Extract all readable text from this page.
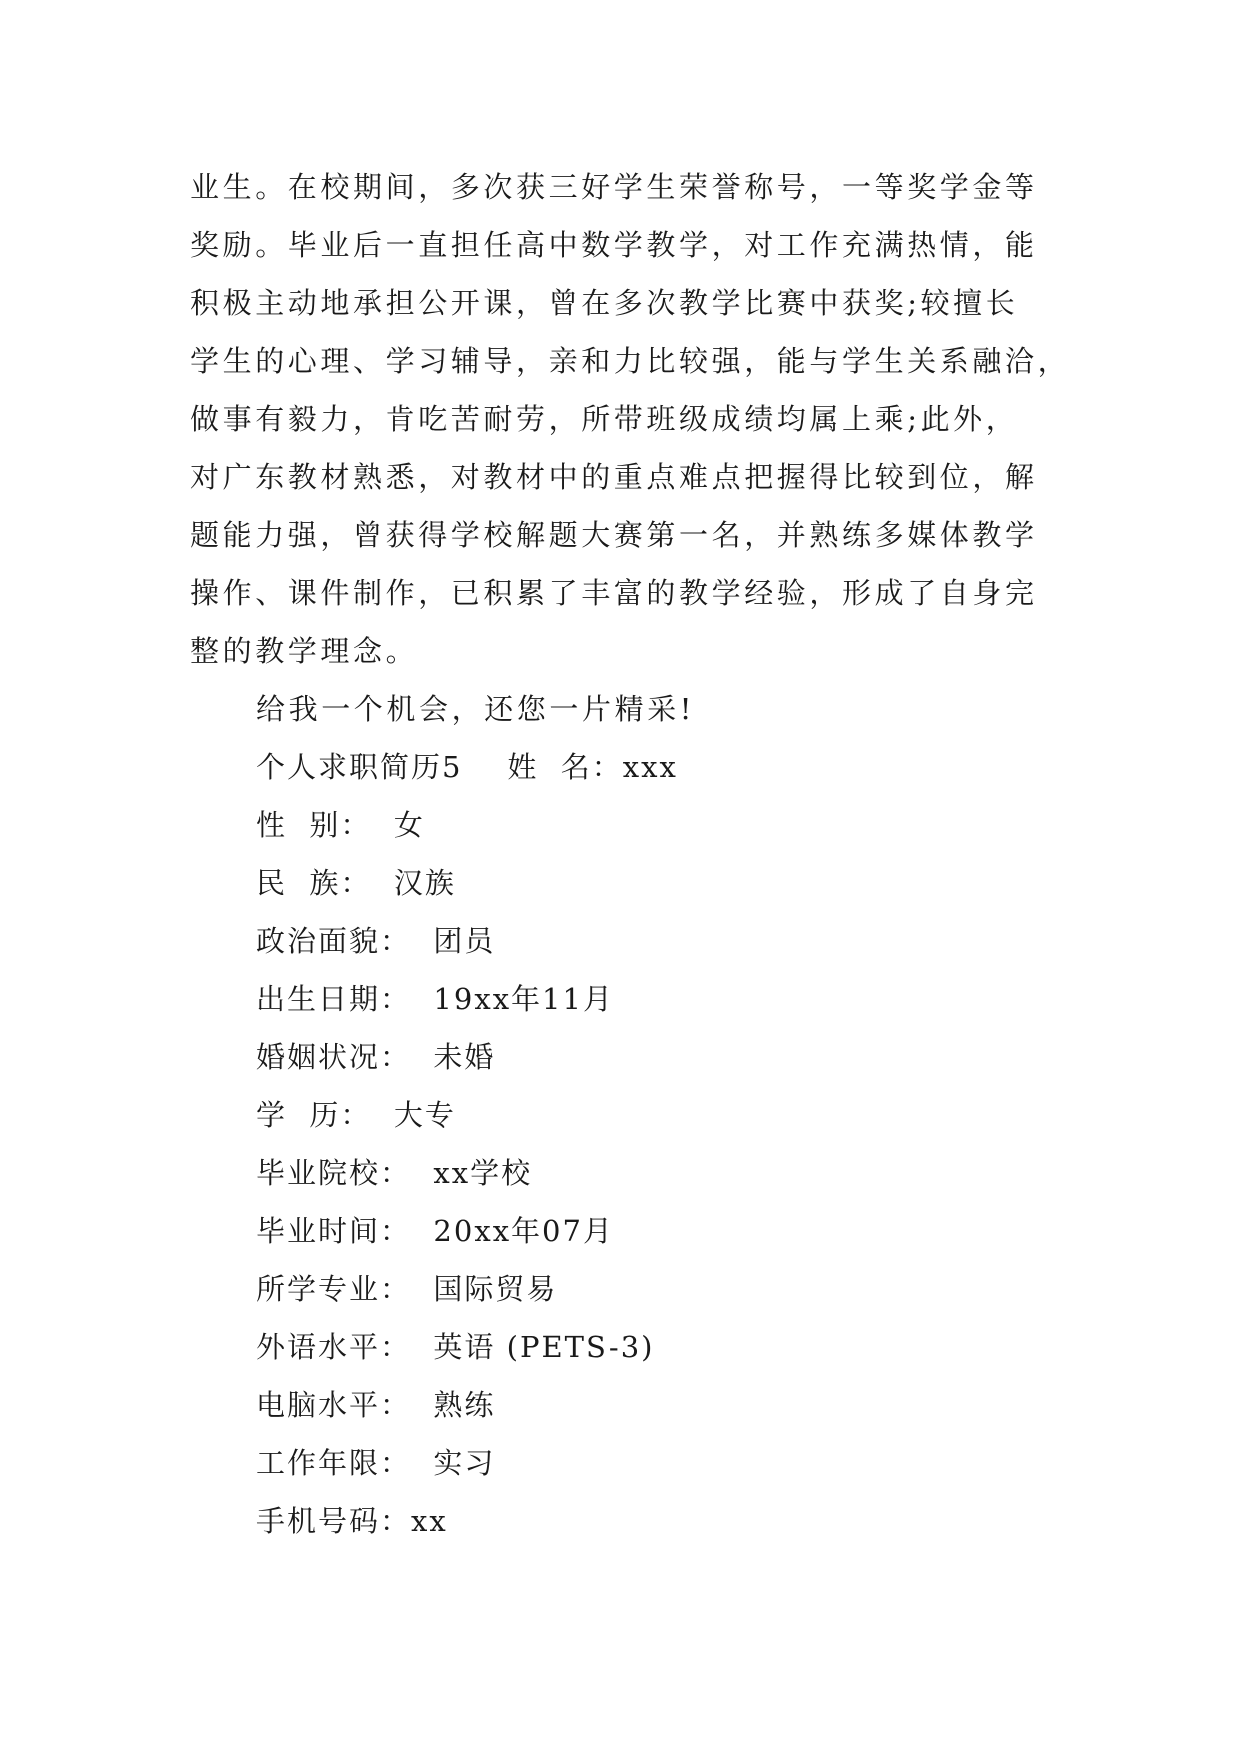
业生。在校期间，多次获三好学生荣誉称号，一等奖学金等
奖励。毕业后一直担任高中数学教学，对工作充满热情，能
积极主动地承担公开课，曾在多次教学比赛中获奖;较擅长
学生的心理、学习辅导，亲和力比较强，能与学生关系融洽，
做事有毅力，肯吃苦耐劳，所带班级成绩均属上乘;此外，
对广东教材熟悉，对教材中的重点难点把握得比较到位，解
题能力强，曾获得学校解题大赛第一名，并熟练多媒体教学
操作、课件制作，已积累了丰富的教学经验，形成了自身完
整的教学理念。
给我一个机会，还您一片精采!
个人求职简历5    姓  名：xxx
性  别：  女
民  族：  汉族
政治面貌：  团员
出生日期：  19xx年11月
婚姻状况：  未婚
学  历：  大专
毕业院校：  xx学校
毕业时间：  20xx年07月
所学专业：  国际贸易
外语水平：  英语 (PETS-3)
电脑水平：  熟练
工作年限：  实习
手机号码：xx
